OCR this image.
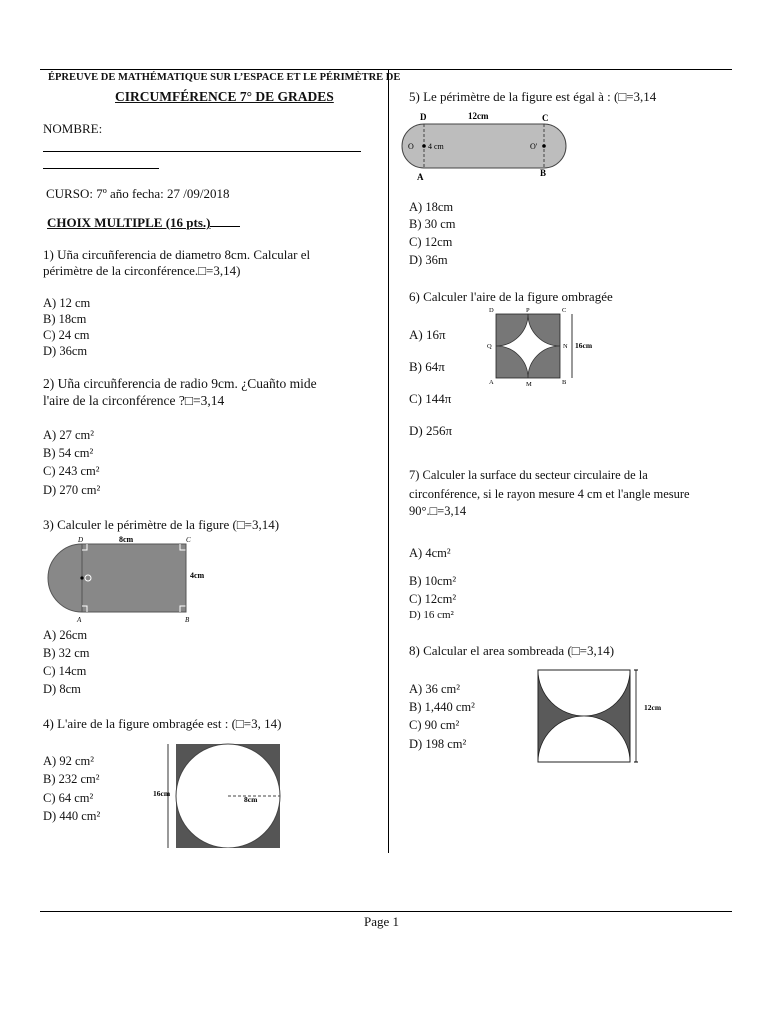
ÉPREUVE DE MATHÉMATIQUE SUR L’ESPACE ET LE PÉRIMÈTRE DE
CIRCUMFÉRENCE 7° DE GRADES
NOMBRE:
CURSO: 7º año fecha: 27 /09/2018
CHOIX MULTIPLE (16 pts.)
1) Uña circuñferencia de diametro 8cm. Calcular el
périmètre de la circonférence.□=3,14)
A) 12 cm
B) 18cm
C) 24 cm
D) 36cm
2) Uña circuñferencia de radio 9cm. ¿Cuañto mide
l'aire de la circonférence ?□=3,14
A) 27 cm²
B) 54 cm²
C) 243 cm²
D) 270 cm²
3) Calculer le périmètre de la figure (□=3,14)
D	8cm	C
4cm
A	B
A) 26cm
B) 32 cm
C) 14cm
D) 8cm
4) L'aire de la figure ombragée est : (□=3, 14)
A) 92 cm²
B) 232 cm²
C) 64 cm²
D) 440 cm²
16cm
8cm
5) Le périmètre de la figure est égal à : (□=3,14
D	12cm	C
O 4 cm	O'
A	B
A) 18cm
B) 30 cm
C) 12cm
D) 36m
6) Calculer l'aire de la figure ombragée
A) 16π
B) 64π
C) 144π
D) 256π
D	P	C
Q	N 16cm
A	M	B
7) Calculer la surface du secteur circulaire de la
circonférence, si le rayon mesure 4 cm et l'angle mesure
90°.□=3,14
A) 4cm²
B) 10cm²
C) 12cm²
D) 16 cm²
8) Calcular el area sombreada (□=3,14)
A) 36 cm²
B) 1,440 cm²
C) 90 cm²
D) 198 cm²
12cm
Page 1
